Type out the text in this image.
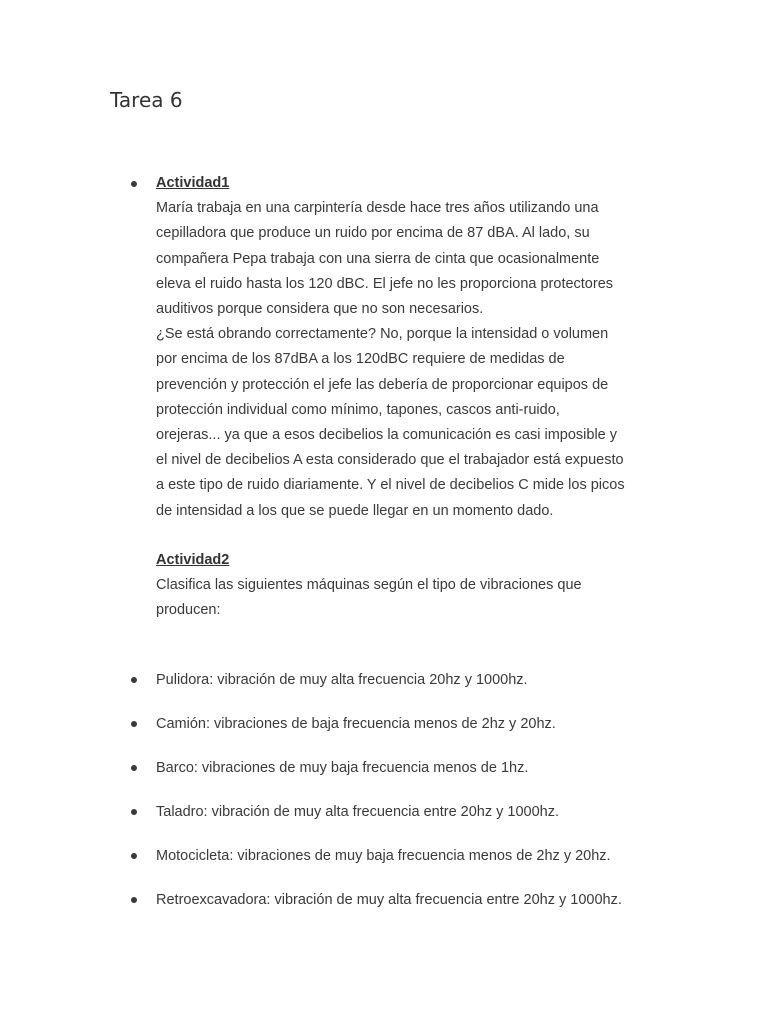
Tarea 6
Actividad1
María trabaja en una carpintería desde hace tres años utilizando una
cepilladora que produce un ruido por encima de 87 dBA. Al lado, su
compañera Pepa trabaja con una sierra de cinta que ocasionalmente
eleva el ruido hasta los 120 dBC. El jefe no les proporciona protectores
auditivos porque considera que no son necesarios.
¿Se está obrando correctamente? No, porque la intensidad o volumen
por encima de los 87dBA a los 120dBC requiere de medidas de
prevención y protección el jefe las debería de proporcionar equipos de
protección individual como mínimo, tapones, cascos anti-ruido,
orejeras... ya que a esos decibelios la comunicación es casi imposible y
el nivel de decibelios A esta considerado que el trabajador está expuesto
a este tipo de ruido diariamente. Y el nivel de decibelios C mide los picos
de intensidad a los que se puede llegar en un momento dado.
Actividad2
Clasifica las siguientes máquinas según el tipo de vibraciones que
producen:
Pulidora: vibración de muy alta frecuencia 20hz y 1000hz.
Camión: vibraciones de baja frecuencia menos de 2hz y 20hz.
Barco: vibraciones de muy baja frecuencia menos de 1hz.
Taladro: vibración de muy alta frecuencia entre 20hz y 1000hz.
Motocicleta: vibraciones de muy baja frecuencia menos de 2hz y 20hz.
Retroexcavadora: vibración de muy alta frecuencia entre 20hz y 1000hz.
